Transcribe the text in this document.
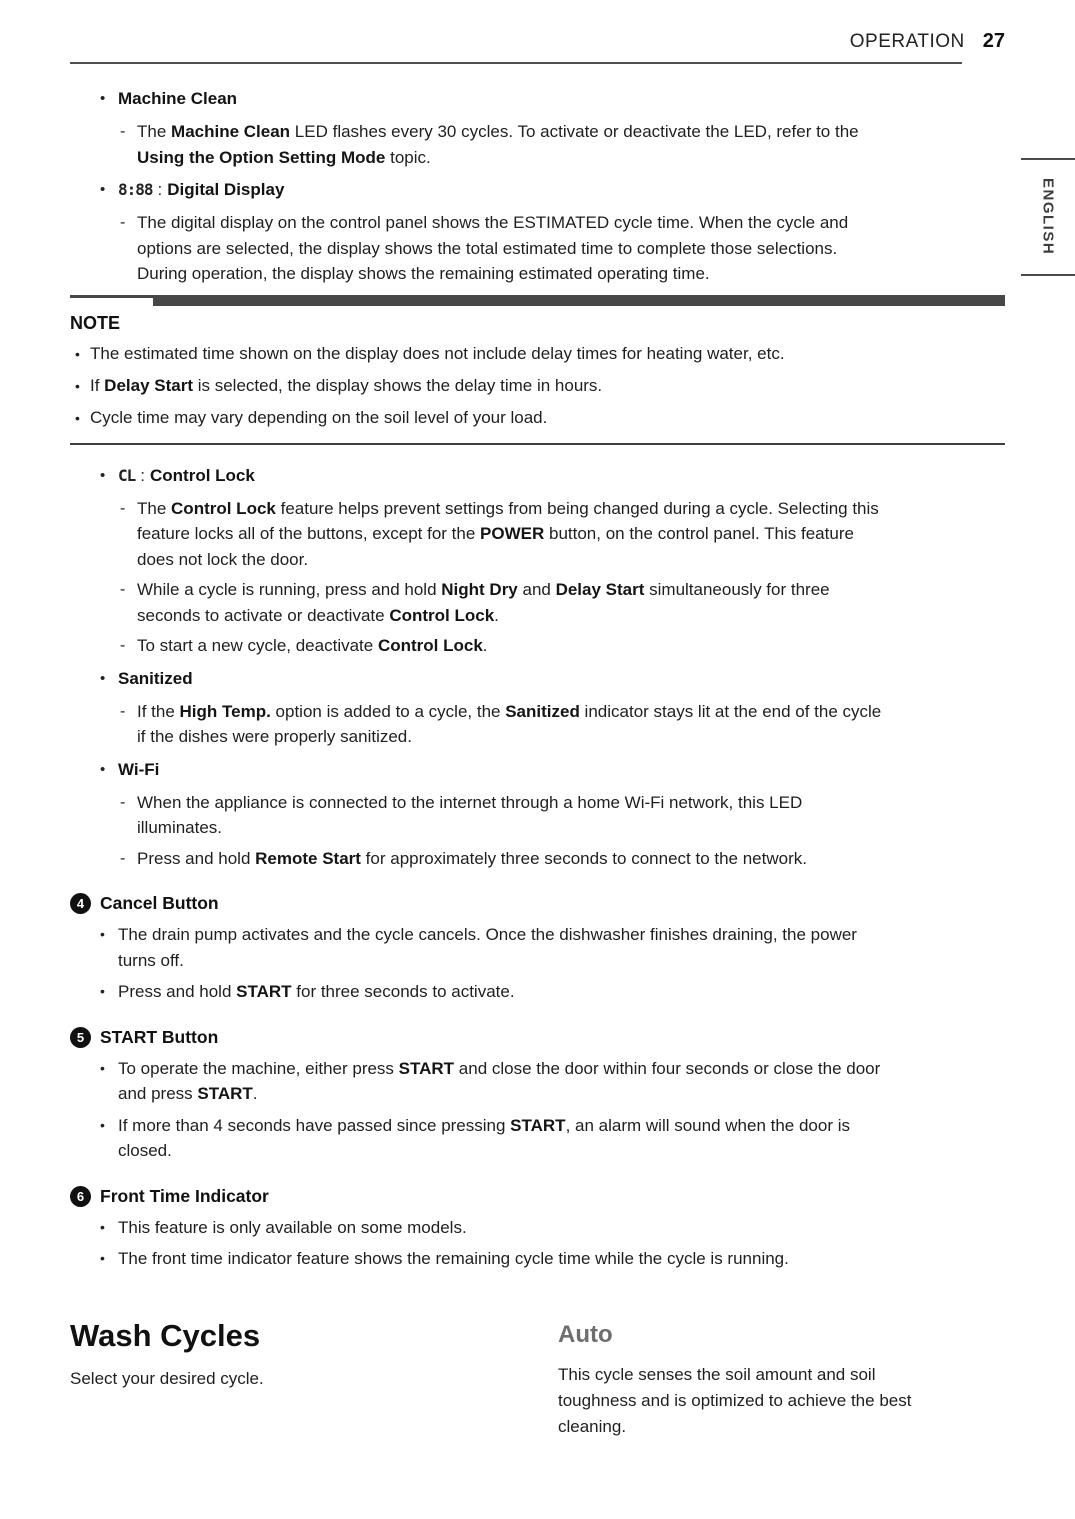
OPERATION 27
ENGLISH
• Machine Clean
- The Machine Clean LED flashes every 30 cycles. To activate or deactivate the LED, refer to the
Using the Option Setting Mode topic.

• 8:88 : Digital Display
- The digital display on the control panel shows the ESTIMATED cycle time. When the cycle and
options are selected, the display shows the total estimated time to complete those selections.
During operation, the display shows the remaining estimated operating time.

NOTE
• The estimated time shown on the display does not include delay times for heating water, etc.

• If Delay Start is selected, the display shows the delay time in hours.

• Cycle time may vary depending on the soil level of your load.

• CL : Control Lock
- The Control Lock feature helps prevent settings from being changed during a cycle. Selecting this
feature locks all of the buttons, except for the POWER button, on the control panel. This feature
does not lock the door.

- While a cycle is running, press and hold Night Dry and Delay Start simultaneously for three
seconds to activate or deactivate Control Lock.

- To start a new cycle, deactivate Control Lock.

• Sanitized
- If the High Temp. option is added to a cycle, the Sanitized indicator stays lit at the end of the cycle
if the dishes were properly sanitized.

• Wi-Fi
- When the appliance is connected to the internet through a home Wi-Fi network, this LED
illuminates.

- Press and hold Remote Start for approximately three seconds to connect to the network.

4 Cancel Button
• The drain pump activates and the cycle cancels. Once the dishwasher finishes draining, the power
turns off.

• Press and hold START for three seconds to activate.

5 START Button
• To operate the machine, either press START and close the door within four seconds or close the door
and press START.

• If more than 4 seconds have passed since pressing START, an alarm will sound when the door is
closed.

6 Front Time Indicator
• This feature is only available on some models.

• The front time indicator feature shows the remaining cycle time while the cycle is running.

Wash Cycles
Select your desired cycle.
Auto

This cycle senses the soil amount and soil
toughness and is optimized to achieve the best
cleaning.
